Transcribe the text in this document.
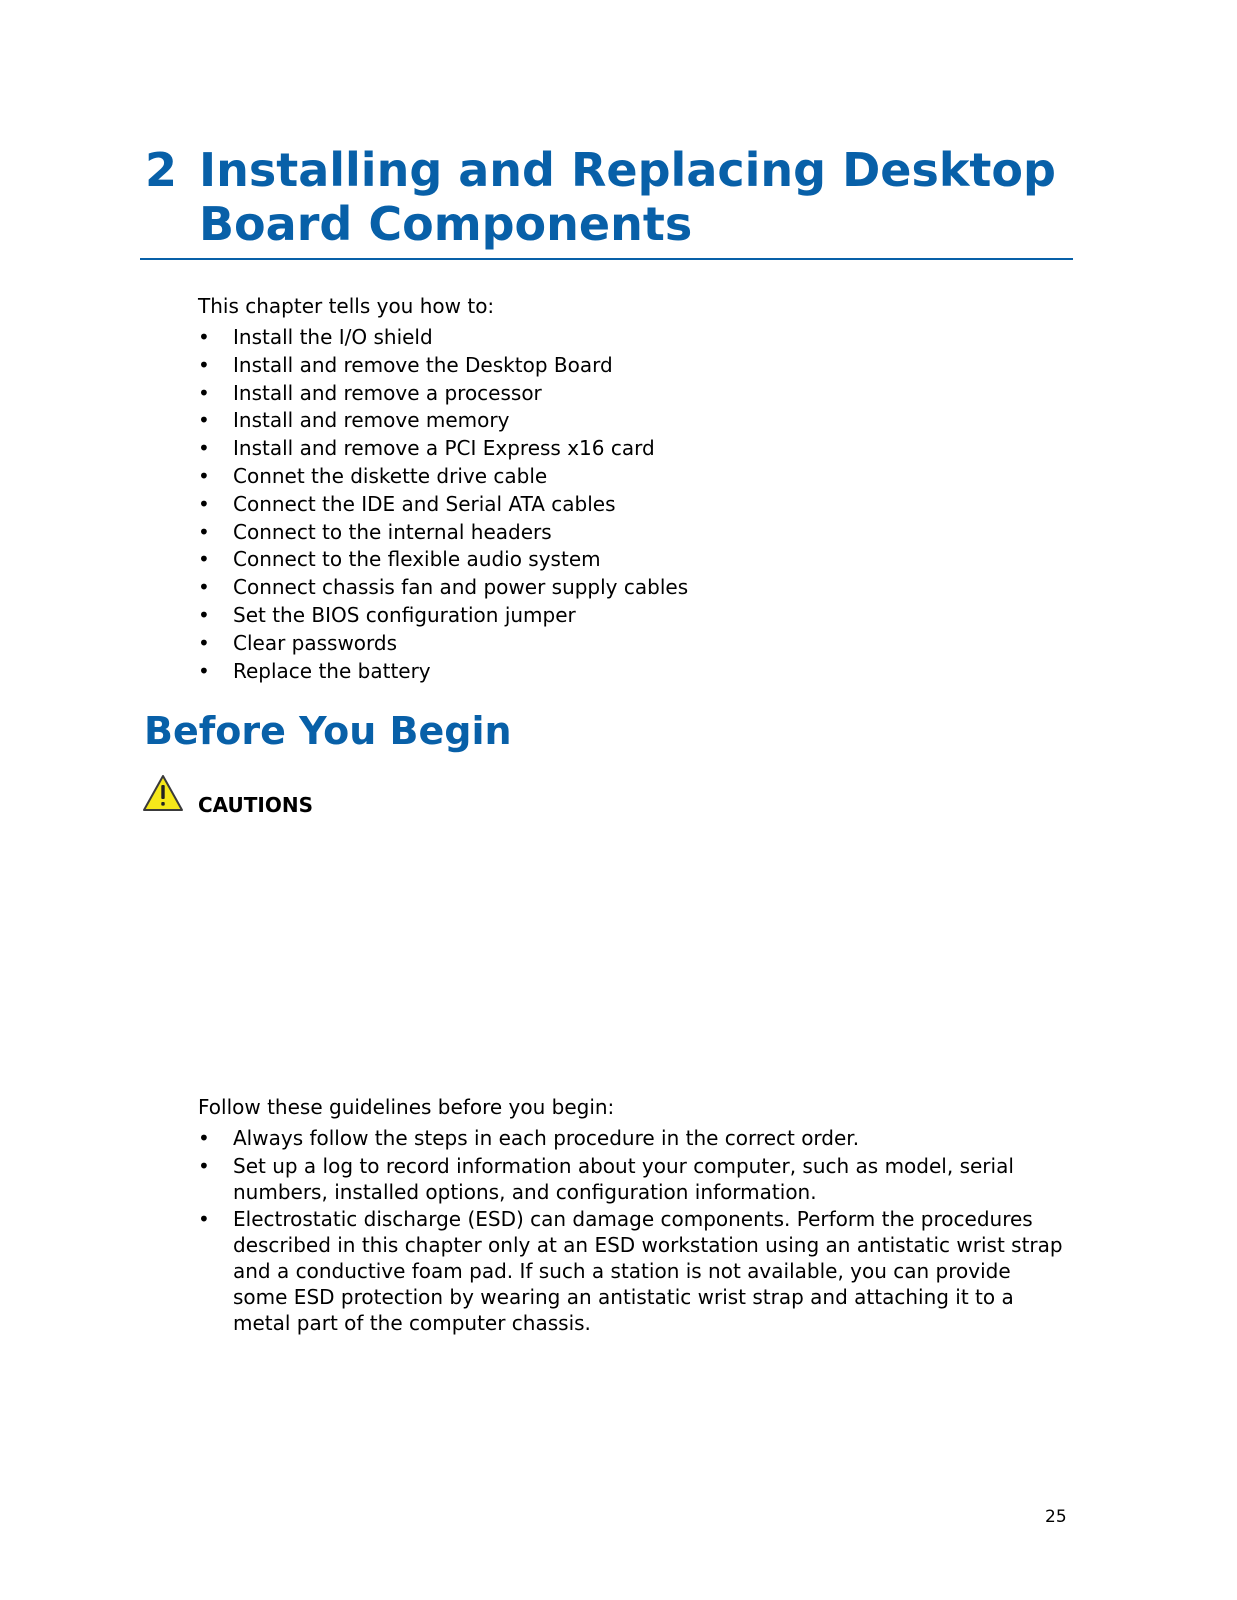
2 Installing and Replacing Desktop Board Components

This chapter tells you how to:

• Install the I/O shield
• Install and remove the Desktop Board
• Install and remove a processor
• Install and remove memory
• Install and remove a PCI Express x16 card
• Connet the diskette drive cable
• Connect the IDE and Serial ATA cables
• Connect to the internal headers
• Connect to the flexible audio system
• Connect chassis fan and power supply cables
• Set the BIOS configuration jumper
• Clear passwords
• Replace the battery
Before You Begin

CAUTIONS

Follow these guidelines before you begin:

• Always follow the steps in each procedure in the correct order.
• Set up a log to record information about your computer, such as model, serial numbers, installed options, and configuration information.
• Electrostatic discharge (ESD) can damage components. Perform the procedures described in this chapter only at an ESD workstation using an antistatic wrist strap and a conductive foam pad. If such a station is not available, you can provide some ESD protection by wearing an antistatic wrist strap and attaching it to a metal part of the computer chassis.

25
